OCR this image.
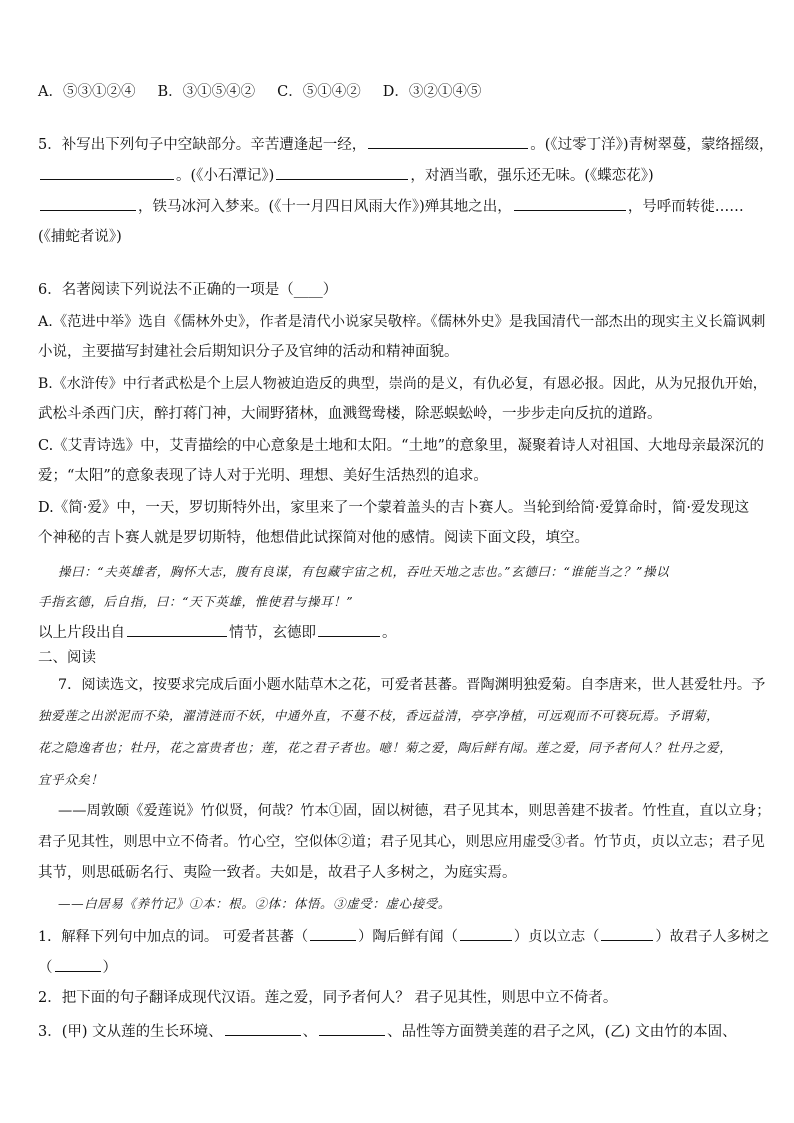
A．⑤③①②④ B．③①⑤④② C．⑤①④② D．③②①④⑤
5．补写出下列句子中空缺部分。辛苦遭逢起一经，	。(《过零丁洋》)青树翠蔓，蒙络摇缀，
。(《小石潭记》)	，对酒当歌，强乐还无味。(《蝶恋花》)
，铁马冰河入梦来。(《十一月四日风雨大作》)殚其地之出，	，号呼而转徙……
(《捕蛇者说》)
6．名著阅读下列说法不正确的一项是（____）
A.《范进中举》选自《儒林外史》，作者是清代小说家吴敬梓。《儒林外史》是我国清代一部杰出的现实主义长篇讽刺
小说，主要描写封建社会后期知识分子及官绅的活动和精神面貌。
B.《水浒传》中行者武松是个上层人物被迫造反的典型，崇尚的是义，有仇必复，有恩必报。因此，从为兄报仇开始，
武松斗杀西门庆，醉打蒋门神，大闹野猪林，血溅鸳鸯楼，除恶蜈蚣岭，一步步走向反抗的道路。
C.《艾青诗选》中，艾青描绘的中心意象是土地和太阳。“土地”的意象里，凝聚着诗人对祖国、大地母亲最深沉的
爱；“太阳”的意象表现了诗人对于光明、理想、美好生活热烈的追求。
D.《简·爱》中，一天，罗切斯特外出，家里来了一个蒙着盖头的吉卜赛人。当轮到给简·爱算命时，简·爱发现这
个神秘的吉卜赛人就是罗切斯特，他想借此试探简对他的感情。阅读下面文段，填空。
操曰：“夫英雄者，胸怀大志，腹有良谋，有包藏宇宙之机，吞吐天地之志也。”玄德曰：“谁能当之？”操以
手指玄德，后自指，曰：“天下英雄，惟使君与操耳！”
以上片段出自	情节，玄德即	。
二、阅读
7．阅读选文，按要求完成后面小题水陆草木之花，可爱者甚蕃。晋陶渊明独爱菊。自李唐来，世人甚爱牡丹。予
独爱莲之出淤泥而不染，濯清涟而不妖，中通外直，不蔓不枝，香远益清，亭亭净植，可远观而不可亵玩焉。予谓菊，
花之隐逸者也；牡丹，花之富贵者也；莲，花之君子者也。噫！菊之爱，陶后鲜有闻。莲之爱，同予者何人？牡丹之爱，
宜乎众矣！
——周敦颐《爱莲说》竹似贤，何哉？竹本①固，固以树德，君子见其本，则思善建不拔者。竹性直，直以立身；
君子见其性，则思中立不倚者。竹心空，空似体②道；君子见其心，则思应用虚受③者。竹节贞，贞以立志；君子见
其节，则思砥砺名行、夷险一致者。夫如是，故君子人多树之，为庭实焉。
——白居易《养竹记》①本：根。②体：体悟。③虚受：虚心接受。
1．解释下列句中加点的词。 可爱者甚蕃（	）陶后鲜有闻（	）贞以立志（	）故君子人多树之
（	）
2．把下面的句子翻译成现代汉语。莲之爱，同予者何人？ 君子见其性，则思中立不倚者。
3．(甲) 文从莲的生长环境、	、	、品性等方面赞美莲的君子之风，(乙) 文由竹的本固、
